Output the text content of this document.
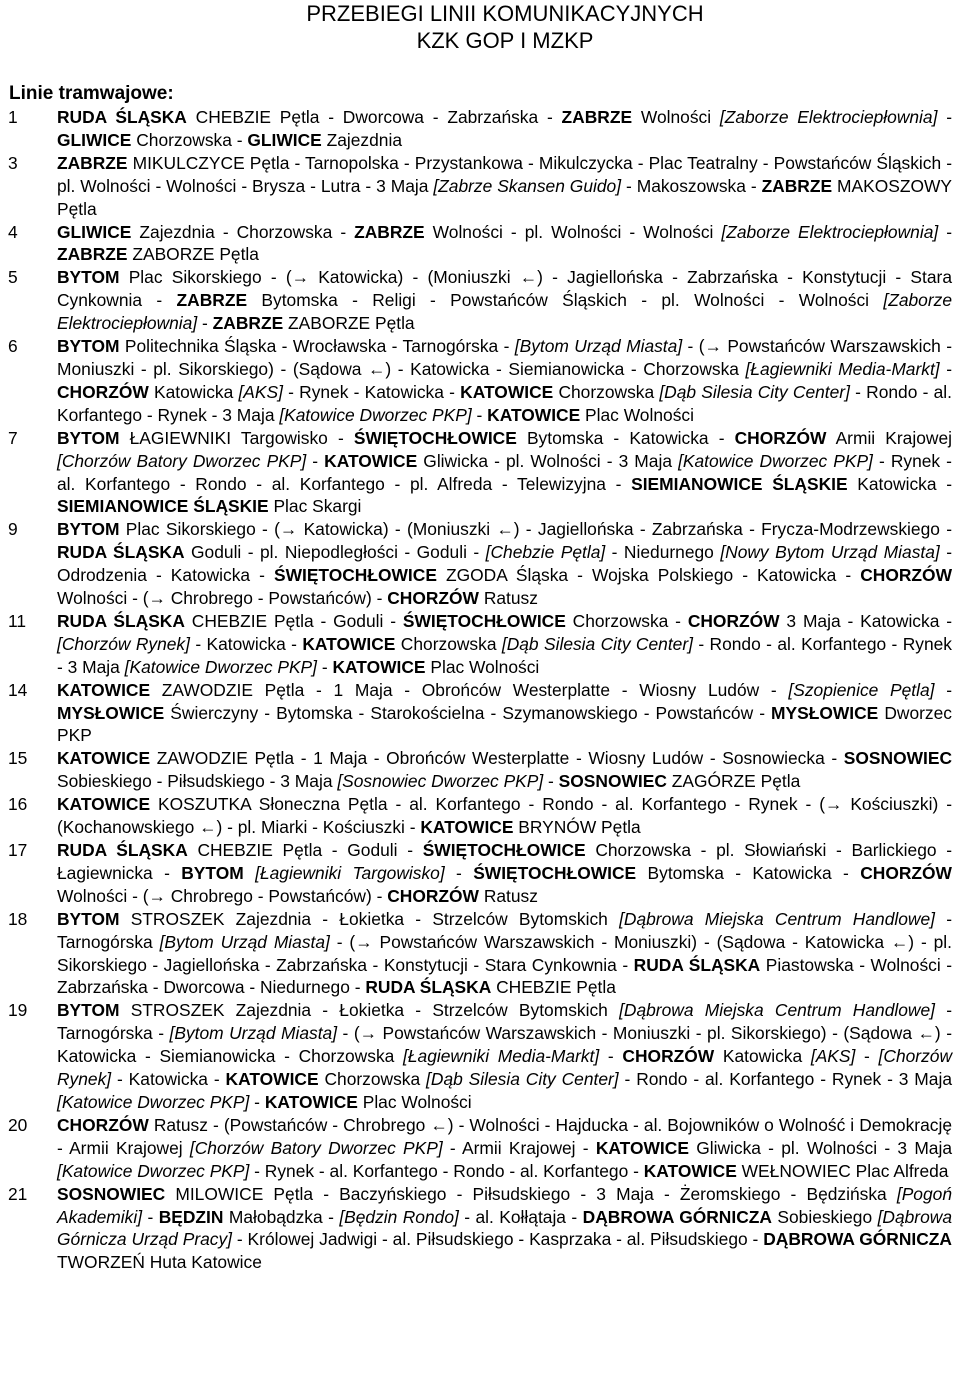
PRZEBIEGI LINII KOMUNIKACYJNYCH

KZK GOP I MZKP

Linie tramwajowe:

1	RUDA ŚLĄSKA CHEBZIE Pętla - Dworcowa - Zabrzańska - ZABRZE Wolności [Zaborze Elektrociepłownia] - GLIWICE Chorzowska - GLIWICE Zajezdnia
3	ZABRZE MIKULCZYCE Pętla - Tarnopolska - Przystankowa - Mikulczycka - Plac Teatralny - Powstańców Śląskich - pl. Wolności - Wolności - Brysza - Lutra - 3 Maja [Zabrze Skansen Guido] - Makoszowska - ZABRZE MAKOSZOWY Pętla
4	GLIWICE Zajezdnia - Chorzowska - ZABRZE Wolności - pl. Wolności - Wolności [Zaborze Elektrociepłownia] - ZABRZE ZABORZE Pętla
5	BYTOM Plac Sikorskiego - (→ Katowicka) - (Moniuszki ←) - Jagiellońska - Zabrzańska - Konstytucji - Stara Cynkownia - ZABRZE Bytomska - Religi - Powstańców Śląskich - pl. Wolności - Wolności [Zaborze Elektrociepłownia] - ZABRZE ZABORZE Pętla
6	BYTOM Politechnika Śląska - Wrocławska - Tarnogórska - [Bytom Urząd Miasta] - (→ Powstańców Warszawskich - Moniuszki - pl. Sikorskiego) - (Sądowa ←) - Katowicka - Siemianowicka - Chorzowska [Łagiewniki Media-Markt] - CHORZÓW Katowicka [AKS] - Rynek - Katowicka - KATOWICE Chorzowska [Dąb Silesia City Center] - Rondo - al. Korfantego - Rynek - 3 Maja [Katowice Dworzec PKP] - KATOWICE Plac Wolności
7	BYTOM ŁAGIEWNIKI Targowisko - ŚWIĘTOCHŁOWICE Bytomska - Katowicka - CHORZÓW Armii Krajowej [Chorzów Batory Dworzec PKP] - KATOWICE Gliwicka - pl. Wolności - 3 Maja [Katowice Dworzec PKP] - Rynek - al. Korfantego - Rondo - al. Korfantego - pl. Alfreda - Telewizyjna - SIEMIANOWICE ŚLĄSKIE Katowicka - SIEMIANOWICE ŚLĄSKIE Plac Skargi
9	BYTOM Plac Sikorskiego - (→ Katowicka) - (Moniuszki ←) - Jagiellońska - Zabrzańska - Frycza-Modrzewskiego - RUDA ŚLĄSKA Goduli - pl. Niepodległości - Goduli - [Chebzie Pętla] - Niedurnego [Nowy Bytom Urząd Miasta] - Odrodzenia - Katowicka - ŚWIĘTOCHŁOWICE ZGODA Śląska - Wojska Polskiego - Katowicka - CHORZÓW Wolności - (→ Chrobrego - Powstańców) - CHORZÓW Ratusz
11	RUDA ŚLĄSKA CHEBZIE Pętla - Goduli - ŚWIĘTOCHŁOWICE Chorzowska - CHORZÓW 3 Maja - Katowicka - [Chorzów Rynek] - Katowicka - KATOWICE Chorzowska [Dąb Silesia City Center] - Rondo - al. Korfantego - Rynek - 3 Maja [Katowice Dworzec PKP] - KATOWICE Plac Wolności
14	KATOWICE ZAWODZIE Pętla - 1 Maja - Obrońców Westerplatte - Wiosny Ludów - [Szopienice Pętla] - MYSŁOWICE Świerczyny - Bytomska - Starokościelna - Szymanowskiego - Powstańców - MYSŁOWICE Dworzec PKP
15	KATOWICE ZAWODZIE Pętla - 1 Maja - Obrońców Westerplatte - Wiosny Ludów - Sosnowiecka - SOSNOWIEC Sobieskiego - Piłsudskiego - 3 Maja [Sosnowiec Dworzec PKP] - SOSNOWIEC ZAGÓRZE Pętla
16	KATOWICE KOSZUTKA Słoneczna Pętla - al. Korfantego - Rondo - al. Korfantego - Rynek - (→ Kościuszki) - (Kochanowskiego ←) - pl. Miarki - Kościuszki - KATOWICE BRYNÓW Pętla
17	RUDA ŚLĄSKA CHEBZIE Pętla - Goduli - ŚWIĘTOCHŁOWICE Chorzowska - pl. Słowiański - Barlickiego - Łagiewnicka - BYTOM [Łagiewniki Targowisko] - ŚWIĘTOCHŁOWICE Bytomska - Katowicka - CHORZÓW Wolności - (→ Chrobrego - Powstańców) - CHORZÓW Ratusz
18	BYTOM STROSZEK Zajezdnia - Łokietka - Strzelców Bytomskich [Dąbrowa Miejska Centrum Handlowe] - Tarnogórska [Bytom Urząd Miasta] - (→ Powstańców Warszawskich - Moniuszki) - (Sądowa - Katowicka ←) - pl. Sikorskiego - Jagiellońska - Zabrzańska - Konstytucji - Stara Cynkownia - RUDA ŚLĄSKA Piastowska - Wolności - Zabrzańska - Dworcowa - Niedurnego - RUDA ŚLĄSKA CHEBZIE Pętla
19	BYTOM STROSZEK Zajezdnia - Łokietka - Strzelców Bytomskich [Dąbrowa Miejska Centrum Handlowe] - Tarnogórska - [Bytom Urząd Miasta] - (→ Powstańców Warszawskich - Moniuszki - pl. Sikorskiego) - (Sądowa ←) - Katowicka - Siemianowicka - Chorzowska [Łagiewniki Media-Markt] - CHORZÓW Katowicka [AKS] - [Chorzów Rynek] - Katowicka - KATOWICE Chorzowska [Dąb Silesia City Center] - Rondo - al. Korfantego - Rynek - 3 Maja [Katowice Dworzec PKP] - KATOWICE Plac Wolności
20	CHORZÓW Ratusz - (Powstańców - Chrobrego ←) - Wolności - Hajducka - al. Bojowników o Wolność i Demokrację - Armii Krajowej [Chorzów Batory Dworzec PKP] - Armii Krajowej - KATOWICE Gliwicka - pl. Wolności - 3 Maja [Katowice Dworzec PKP] - Rynek - al. Korfantego - Rondo - al. Korfantego - KATOWICE WEŁNOWIEC Plac Alfreda
21	SOSNOWIEC MILOWICE Pętla - Baczyńskiego - Piłsudskiego - 3 Maja - Żeromskiego - Będzińska [Pogoń Akademiki] - BĘDZIN Małobądzka - [Będzin Rondo] - al. Kołłątaja - DĄBROWA GÓRNICZA Sobieskiego [Dąbrowa Górnicza Urząd Pracy] - Królowej Jadwigi - al. Piłsudskiego - Kasprzaka - al. Piłsudskiego - DĄBROWA GÓRNICZA TWORZEŃ Huta Katowice
